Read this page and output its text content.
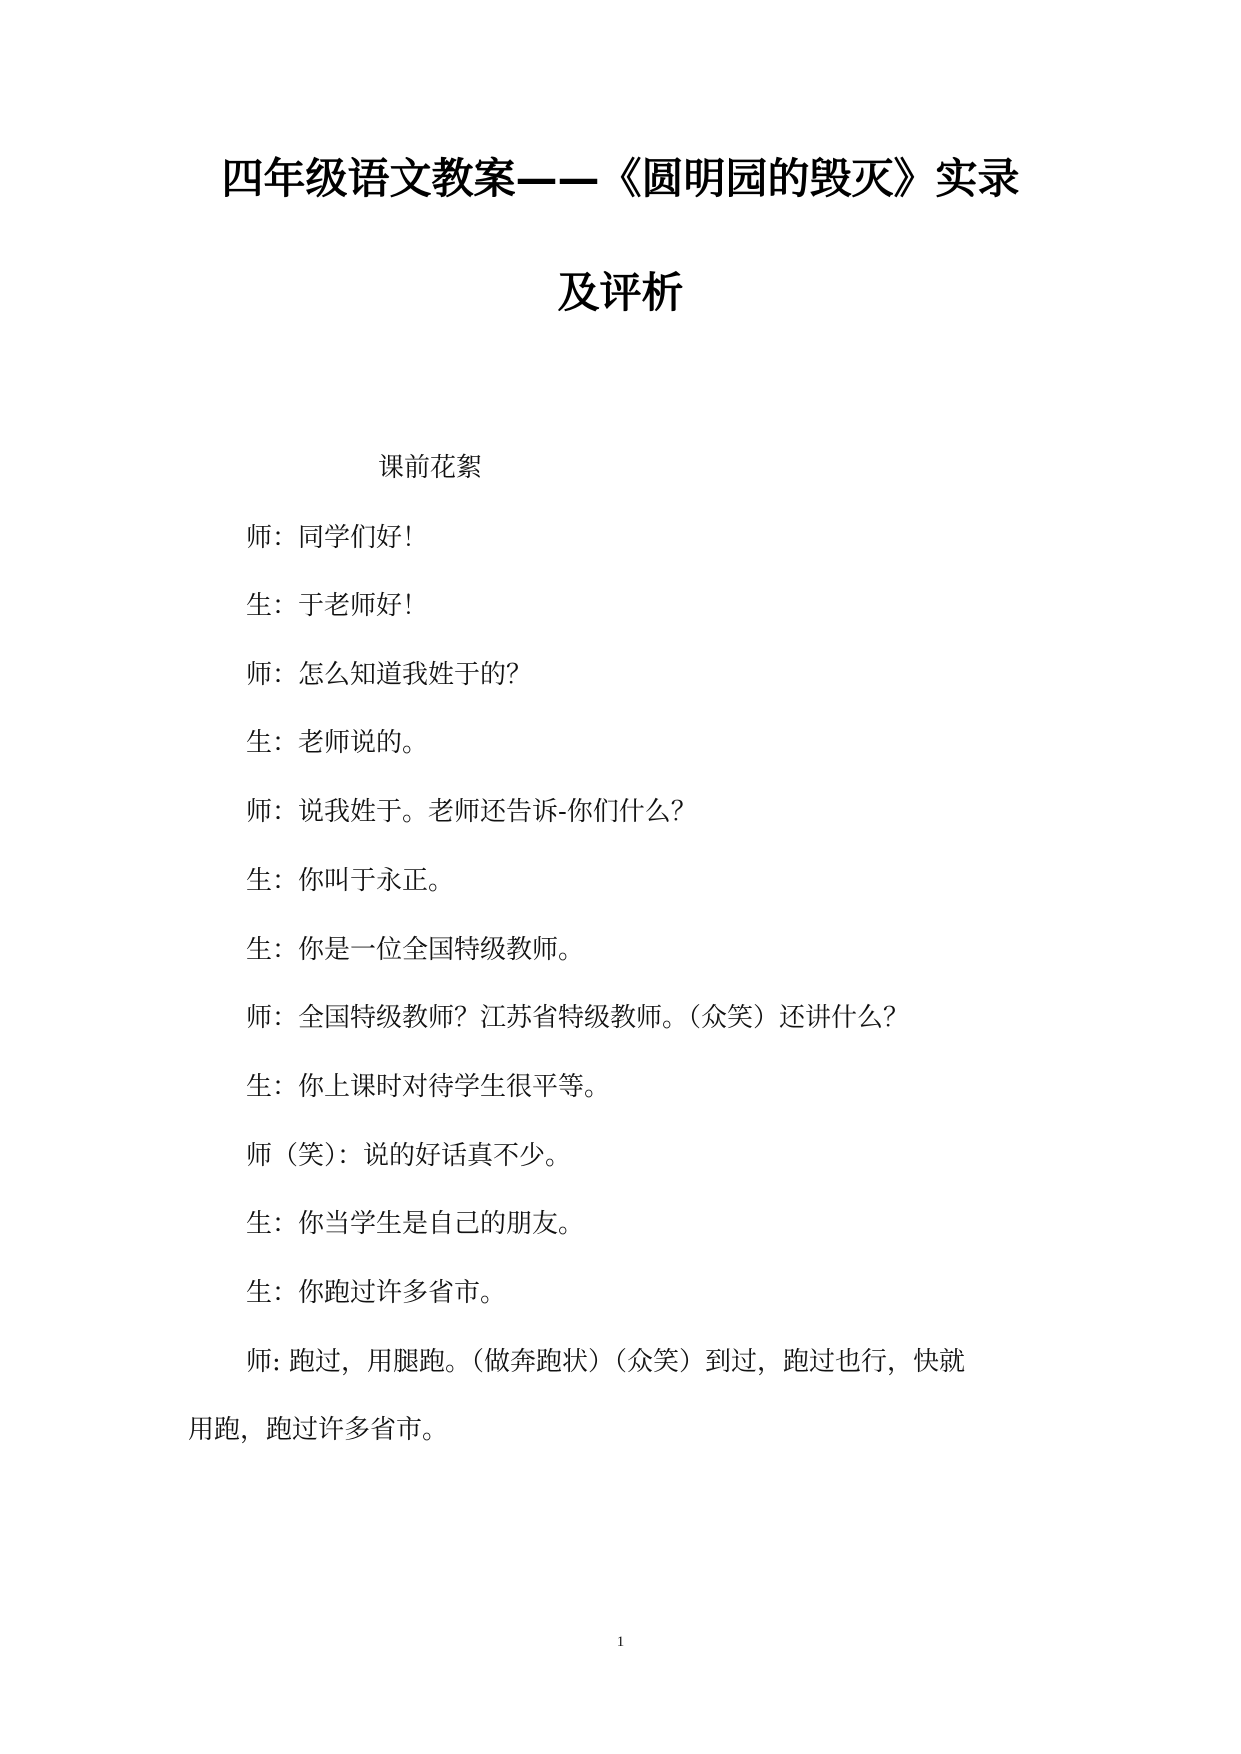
四年级语文教案——《圆明园的毁灭》实录
及评析
课前花絮
师：同学们好！
生：于老师好！
师：怎么知道我姓于的？
生：老师说的。
师：说我姓于。老师还告诉-你们什么？
生：你叫于永正。
生：你是一位全国特级教师。
师：全国特级教师？江苏省特级教师。（众笑）还讲什么？
生：你上课时对待学生很平等。
师（笑）：说的好话真不少。
生：你当学生是自己的朋友。
生：你跑过许多省市。
师: 跑过，用腿跑。（做奔跑状）（众笑）到过，跑过也行，快就
用跑，跑过许多省市。
1
